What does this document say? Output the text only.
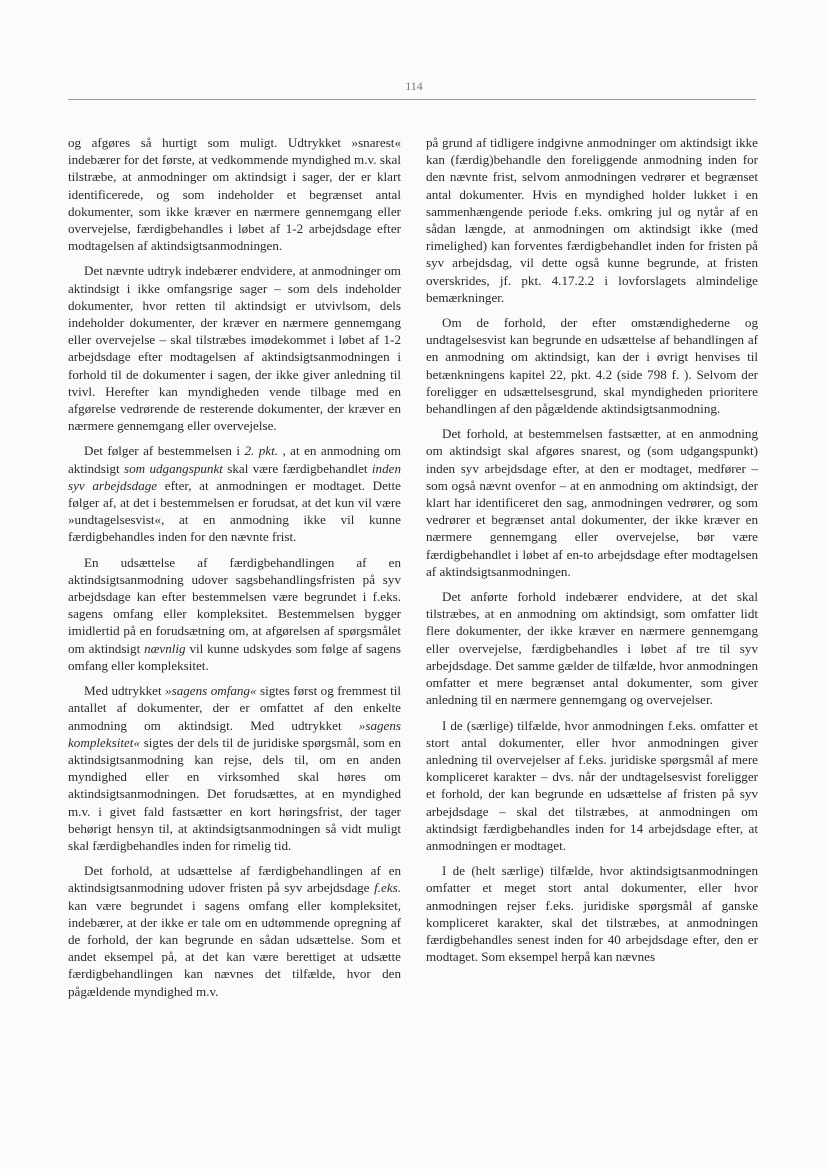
114

og afgøres så hurtigt som muligt. Udtrykket »snarest« indebærer for det første, at vedkommende myndighed m.v. skal tilstræbe, at anmodninger om aktindsigt i sager, der er klart identificerede, og som indeholder et begrænset antal dokumenter, som ikke kræver en nærmere gennemgang eller overvejelse, færdigbehandles i løbet af 1-2 arbejdsdage efter modtagelsen af aktindsigtsanmodningen.

Det nævnte udtryk indebærer endvidere, at anmodninger om aktindsigt i ikke omfangsrige sager – som dels indeholder dokumenter, hvor retten til aktindsigt er utvivlsom, dels indeholder dokumenter, der kræver en nærmere gennemgang eller overvejelse – skal tilstræbes imødekommet i løbet af 1-2 arbejdsdage efter modtagelsen af aktindsigtsanmodningen i forhold til de dokumenter i sagen, der ikke giver anledning til tvivl. Herefter kan myndigheden vende tilbage med en afgørelse vedrørende de resterende dokumenter, der kræver en nærmere gennemgang eller overvejelse.

Det følger af bestemmelsen i 2. pkt. , at en anmodning om aktindsigt som udgangspunkt skal være færdigbehandlet inden syv arbejdsdage efter, at anmodningen er modtaget. Dette følger af, at det i bestemmelsen er forudsat, at det kun vil være »undtagelsesvist«, at en anmodning ikke vil kunne færdigbehandles inden for den nævnte frist.

En udsættelse af færdigbehandlingen af en aktindsigtsanmodning udover sagsbehandlingsfristen på syv arbejdsdage kan efter bestemmelsen være begrundet i f.eks. sagens omfang eller kompleksitet. Bestemmelsen bygger imidlertid på en forudsætning om, at afgørelsen af spørgsmålet om aktindsigt nævnlig vil kunne udskydes som følge af sagens omfang eller kompleksitet.

Med udtrykket »sagens omfang« sigtes først og fremmest til antallet af dokumenter, der er omfattet af den enkelte anmodning om aktindsigt. Med udtrykket »sagens kompleksitet« sigtes der dels til de juridiske spørgsmål, som en aktindsigtsanmodning kan rejse, dels til, om en anden myndighed eller en virksomhed skal høres om aktindsigtsanmodningen. Det forudsættes, at en myndighed m.v. i givet fald fastsætter en kort høringsfrist, der tager behørigt hensyn til, at aktindsigtsanmodningen så vidt muligt skal færdigbehandles inden for rimelig tid.

Det forhold, at udsættelse af færdigbehandlingen af en aktindsigtsanmodning udover fristen på syv arbejdsdage f.eks. kan være begrundet i sagens omfang eller kompleksitet, indebærer, at der ikke er tale om en udtømmende opregning af de forhold, der kan begrunde en sådan udsættelse. Som et andet eksempel på, at det kan være berettiget at udsætte færdigbehandlingen kan nævnes det tilfælde, hvor den pågældende myndighed m.v.

på grund af tidligere indgivne anmodninger om aktindsigt ikke kan (færdig)behandle den foreliggende anmodning inden for den nævnte frist, selvom anmodningen vedrører et begrænset antal dokumenter. Hvis en myndighed holder lukket i en sammenhængende periode f.eks. omkring jul og nytår af en sådan længde, at anmodningen om aktindsigt ikke (med rimelighed) kan forventes færdigbehandlet inden for fristen på syv arbejdsdag, vil dette også kunne begrunde, at fristen overskrides, jf. pkt. 4.17.2.2 i lovforslagets almindelige bemærkninger.

Om de forhold, der efter omstændighederne og undtagelsesvist kan begrunde en udsættelse af behandlingen af en anmodning om aktindsigt, kan der i øvrigt henvises til betænkningens kapitel 22, pkt. 4.2 (side 798 f. ). Selvom der foreligger en udsættelsesgrund, skal myndigheden prioritere behandlingen af den pågældende aktindsigtsanmodning.

Det forhold, at bestemmelsen fastsætter, at en anmodning om aktindsigt skal afgøres snarest, og (som udgangspunkt) inden syv arbejdsdage efter, at den er modtaget, medfører – som også nævnt ovenfor – at en anmodning om aktindsigt, der klart har identificeret den sag, anmodningen vedrører, og som vedrører et begrænset antal dokumenter, der ikke kræver en nærmere gennemgang eller overvejelse, bør være færdigbehandlet i løbet af en-to arbejdsdage efter modtagelsen af aktindsigtsanmodningen.

Det anførte forhold indebærer endvidere, at det skal tilstræbes, at en anmodning om aktindsigt, som omfatter lidt flere dokumenter, der ikke kræver en nærmere gennemgang eller overvejelse, færdigbehandles i løbet af tre til syv arbejdsdage. Det samme gælder de tilfælde, hvor anmodningen omfatter et mere begrænset antal dokumenter, som giver anledning til en nærmere gennemgang og overvejelser.

I de (særlige) tilfælde, hvor anmodningen f.eks. omfatter et stort antal dokumenter, eller hvor anmodningen giver anledning til overvejelser af f.eks. juridiske spørgsmål af mere kompliceret karakter – dvs. når der undtagelsesvist foreligger et forhold, der kan begrunde en udsættelse af fristen på syv arbejdsdage – skal det tilstræbes, at anmodningen om aktindsigt færdigbehandles inden for 14 arbejdsdage efter, at anmodningen er modtaget.

I de (helt særlige) tilfælde, hvor aktindsigtsanmodningen omfatter et meget stort antal dokumenter, eller hvor anmodningen rejser f.eks. juridiske spørgsmål af ganske kompliceret karakter, skal det tilstræbes, at anmodningen færdigbehandles senest inden for 40 arbejdsdage efter, den er modtaget. Som eksempel herpå kan nævnes
